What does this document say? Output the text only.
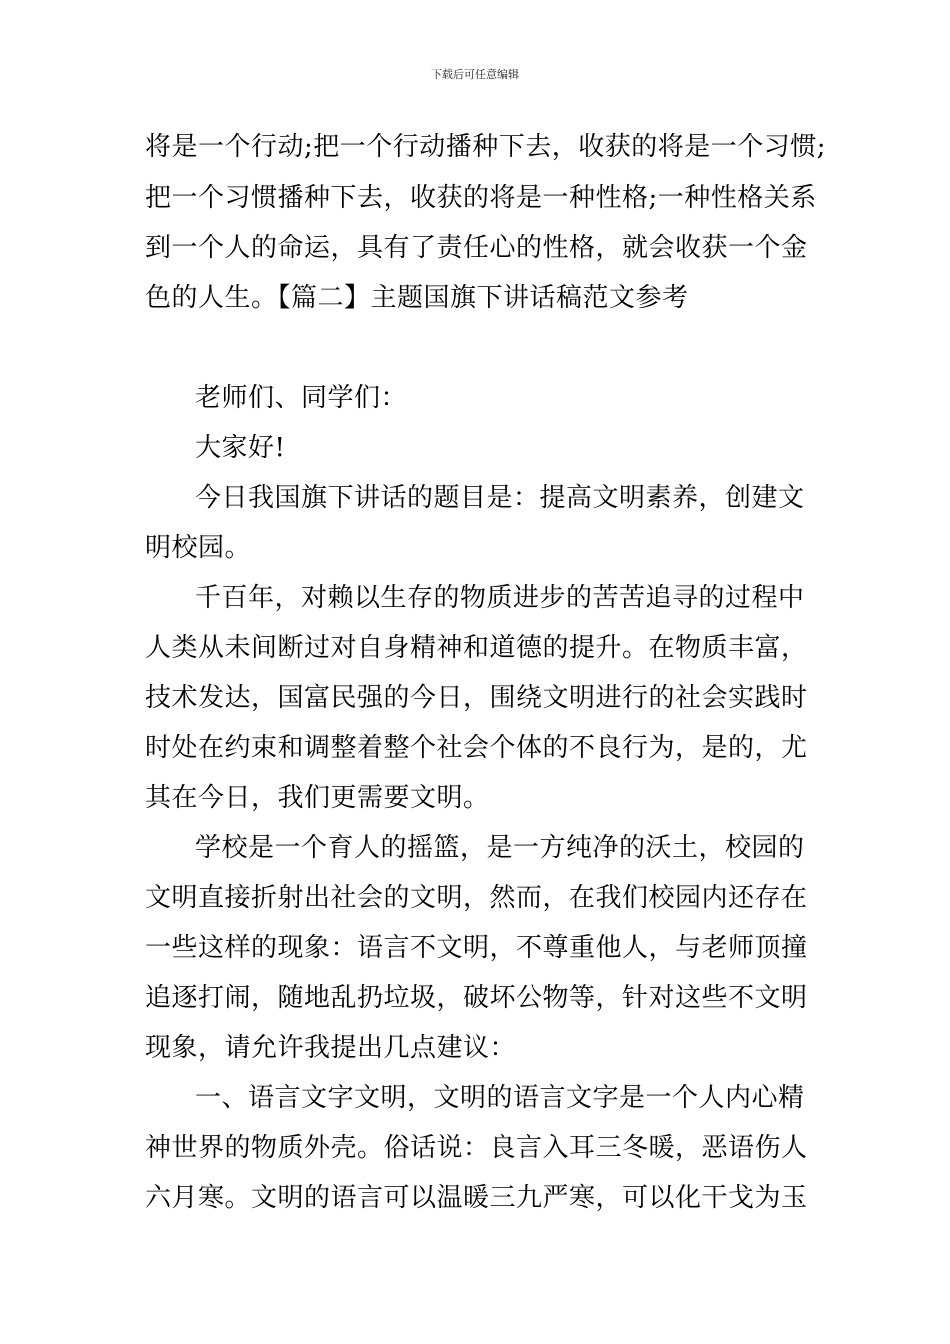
下载后可任意编辑
将是一个行动;把一个行动播种下去，收获的将是一个习惯;
把一个习惯播种下去，收获的将是一种性格;一种性格关系
到一个人的命运，具有了责任心的性格，就会收获一个金
色的人生。【篇二】主题国旗下讲话稿范文参考
老师们、同学们：
大家好!
今日我国旗下讲话的题目是：提高文明素养，创建文
明校园。
千百年，对赖以生存的物质进步的苦苦追寻的过程中
人类从未间断过对自身精神和道德的提升。在物质丰富，
技术发达，国富民强的今日，围绕文明进行的社会实践时
时处在约束和调整着整个社会个体的不良行为，是的，尤
其在今日，我们更需要文明。
学校是一个育人的摇篮，是一方纯净的沃土，校园的
文明直接折射出社会的文明，然而，在我们校园内还存在
一些这样的现象：语言不文明，不尊重他人，与老师顶撞
追逐打闹，随地乱扔垃圾，破坏公物等，针对这些不文明
现象，请允许我提出几点建议：
一、语言文字文明，文明的语言文字是一个人内心精
神世界的物质外壳。俗话说：良言入耳三冬暖，恶语伤人
六月寒。文明的语言可以温暖三九严寒，可以化干戈为玉
